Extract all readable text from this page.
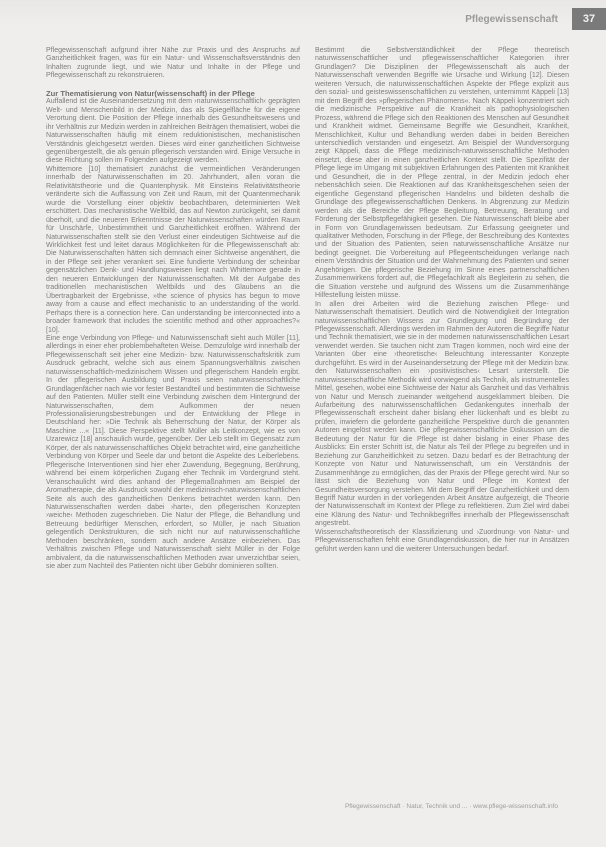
Pflegewissenschaft	37

Pflegewissenschaft aufgrund ihrer Nähe zur Praxis und des Anspruchs auf Ganzheitlichkeit fragen, was für ein Natur- und Wissenschaftsverständnis den Inhalten zugrunde liegt, und wie Natur und Inhalte in der Pflege und Pflegewissenschaft zu rekonstruieren.

Zur Thematisierung von Natur(wissenschaft) in der Pflege

Auffallend ist die Auseinandersetzung mit dem ›naturwissenschaftlich‹ geprägten Welt- und Menschenbild in der Medizin, das als Spiegelfläche für die eigene Verortung dient. Die Position der Pflege innerhalb des Gesundheitswesens und ihr Verhältnis zur Medizin werden in zahlreichen Beiträgen thematisiert, wobei die Naturwissenschaften häufig mit einem reduktionistischen, mechanistischen Verständnis gleichgesetzt werden. Dieses wird einer ganzheitlichen Sichtweise gegenübergestellt, die als genuin pflegerisch verstanden wird. Einige Versuche in diese Richtung sollen im Folgenden aufgezeigt werden.

Whittemore [10] thematisiert zunächst die vermeintlichen Veränderungen innerhalb der Naturwissenschaften im 20. Jahrhundert, allen voran die Relativitätstheorie und die Quantenphysik. Mit Einsteins Relativitätstheorie veränderte sich die Auffassung von Zeit und Raum, mit der Quantenmechanik wurde die Vorstellung einer objektiv beobachtbaren, determinierten Welt erschüttert. Das mechanistische Weltbild, das auf Newton zurückgeht, sei damit überholt, und die neueren Erkenntnisse der Naturwissenschaften würden Raum für Unschärfe, Unbestimmtheit und Ganzheitlichkeit eröffnen. Während der Naturwissenschaften stellt sie den Verlust einer eindeutigen Sichtweise auf die Wirklichkeit fest und leitet daraus Möglichkeiten für die Pflegewissenschaft ab: Die Naturwissenschaften hätten sich demnach einer Sichtweise angenähert, die in der Pflege seit jeher verankert sei. Eine fundierte Verbindung der scheinbar gegensätzlichen Denk- und Handlungsweisen liegt nach Whittemore gerade in den neueren Entwicklungen der Naturwissenschaften. Mit der Aufgabe des traditionellen mechanistischen Weltbilds und des Glaubens an die Übertragbarkeit der Ergebnisse, »the science of physics has begun to move away from a cause and effect mechanistic to an understanding of the world. Perhaps there is a connection here. Can understanding be interconnected into a broader framework that includes the scientific method and other approaches?« [10].

Eine enge Verbindung von Pflege- und Naturwissenschaft sieht auch Müller [11], allerdings in einer eher problembehafteten Weise. Demzufolge wird innerhalb der Pflegewissenschaft seit jeher eine Medizin- bzw. Naturwissenschaftskritik zum Ausdruck gebracht, welche sich aus einem Spannungsverhältnis zwischen naturwissenschaftlich-medizinischem Wissen und pflegerischem Handeln ergibt. In der pflegerischen Ausbildung und Praxis seien naturwissenschaftliche Grundlagenfächer nach wie vor fester Bestandteil und bestimmten die Sichtweise auf den Patienten. Müller stellt eine Verbindung zwischen dem Hintergrund der Naturwissenschaften, dem Aufkommen der neuen Professionalisierungsbestrebungen und der Entwicklung der Pflege in Deutschland her: »Die Technik als Beherrschung der Natur, der Körper als Maschine ...« [11]. Diese Perspektive stellt Müller als Leitkonzept, wie es von Uzarewicz [18] anschaulich wurde, gegenüber. Der Leib stellt im Gegensatz zum Körper, der als naturwissenschaftliches Objekt betrachtet wird, eine ganzheitliche Verbindung von Körper und Seele dar und betont die Aspekte des Leiberlebens. Pflegerische Interventionen sind hier eher Zuwendung, Begegnung, Berührung, während bei einem körperlichen Zugang eher Technik im Vordergrund steht. Veranschaulicht wird dies anhand der Pflegemaßnahmen am Beispiel der Aromatherapie, die als Ausdruck sowohl der medizinisch-naturwissenschaftlichen Seite als auch des ganzheitlichen Denkens betrachtet werden kann. Den Naturwissenschaften werden dabei ›harte‹, den pflegerischen Konzepten ›weiche‹ Methoden zugeschrieben. Die Natur der Pflege, die Behandlung und Betreuung bedürftiger Menschen, erfordert, so Müller, je nach Situation gelegentlich Denkstrukturen, die sich nicht nur auf naturwissenschaftliche Methoden beschränken, sondern auch andere Ansätze einbeziehen. Das Verhältnis zwischen Pflege und Naturwissenschaft sieht Müller in der Folge ambivalent, da die naturwissenschaftlichen Methoden zwar unverzichtbar seien, sie aber zum Nachteil des Patienten nicht über Gebühr dominieren sollten.

Bestimmt die Selbstverständlichkeit der Pflege theoretisch naturwissenschaftlicher und pflegewissenschaftlicher Kategorien ihrer Grundlagen? Die Disziplinen der Pflegewissenschaft als auch der Naturwissenschaft verwenden Begriffe wie Ursache und Wirkung [12]. Diesen weiteren Versuch, die naturwissenschaftlichen Aspekte der Pflege explizit aus den sozial- und geisteswissenschaftlichen zu verstehen, unternimmt Käppeli [13] mit dem Begriff des »pflegerischen Phänomens«. Nach Käppeli konzentriert sich die medizinische Perspektive auf die Krankheit als pathophysiologischen Prozess, während die Pflege sich den Reaktionen des Menschen auf Gesundheit und Krankheit widmet. Gemeinsame Begriffe wie Gesundheit, Krankheit, Menschlichkeit, Kultur und Behandlung werden dabei in beiden Bereichen unterschiedlich verstanden und eingesetzt. Am Beispiel der Wundversorgung zeigt Käppeli, dass die Pflege medizinisch-naturwissenschaftliche Methoden einsetzt, diese aber in einen ganzheitlichen Kontext stellt. Die Spezifität der Pflege liege im Umgang mit subjektiven Erfahrungen des Patienten mit Krankheit und Gesundheit, die in der Pflege zentral, in der Medizin jedoch eher nebensächlich seien. Die Reaktionen auf das Krankheitsgeschehen seien der eigentliche Gegenstand pflegerischen Handelns und bildeten deshalb die Grundlage des pflegewissenschaftlichen Denkens. In Abgrenzung zur Medizin werden als die Bereiche der Pflege Begleitung, Betreuung, Beratung und Förderung der Selbstpflegefähigkeit gesehen. Die Naturwissenschaft bleibe aber in Form von Grundlagenwissen bedeutsam. Zur Erfassung geeigneter und qualitativer Methoden, Forschung in der Pflege, der Beschreibung des Kontextes und der Situation des Patienten, seien naturwissenschaftliche Ansätze nur bedingt geeignet. Die Vorbereitung auf Pflegeentscheidungen verlange nach einem Verständnis der Situation und der Wahrnehmung des Patienten und seiner Angehörigen. Die pflegerische Beziehung im Sinne eines partnerschaftlichen Zusammenwirkens fordert auf, die Pflegefachkraft als Begleiterin zu sehen, die die Situation verstehe und aufgrund des Wissens um die Zusammenhänge Hilfestellung leisten müsse.

In allen drei Arbeiten wird die Beziehung zwischen Pflege- und Naturwissenschaft thematisiert. Deutlich wird die Notwendigkeit der Integration naturwissenschaftlichen Wissens zur Grundlegung und Begründung der Pflegewissenschaft. Allerdings werden im Rahmen der Autoren die Begriffe Natur und Technik thematisiert, wie sie in der modernen naturwissenschaftlichen Lesart verwendet werden. Sie tauchen nicht zum Tragen kommen, noch wird eine der Varianten über eine ›theoretische‹ Beleuchtung interessanter Konzepte durchgeführt. Es wird in der Auseinandersetzung der Pflege mit der Medizin bzw. den Naturwissenschaften ein ›positivistisches‹ Lesart unterstellt. Die naturwissenschaftliche Methodik wird vorwiegend als Technik, als instrumentelles Mittel, gesehen, wobei eine Sichtweise der Natur als Ganzheit und das Verhältnis von Natur und Mensch zueinander weitgehend ausgeklammert bleiben. Die Aufarbeitung des naturwissenschaftlichen Gedankengutes innerhalb der Pflegewissenschaft erscheint daher bislang eher lückenhaft und es bleibt zu prüfen, inwiefern die geforderte ganzheitliche Perspektive durch die genannten Autoren eingelöst werden kann. Die pflegewissenschaftliche Diskussion um die Bedeutung der Natur für die Pflege ist daher bislang in einer Phase des Ausblicks: Ein erster Schritt ist, die Natur als Teil der Pflege zu begreifen und in Beziehung zur Ganzheitlichkeit zu setzen. Dazu bedarf es der Betrachtung der Konzepte von Natur und Naturwissenschaft, um ein Verständnis der Zusammenhänge zu ermöglichen, das der Praxis der Pflege gerecht wird. Nur so lässt sich die Beziehung von Natur und Pflege im Kontext der Gesundheitsversorgung verstehen. Mit dem Begriff der Ganzheitlichkeit und dem Begriff Natur wurden in der vorliegenden Arbeit Ansätze aufgezeigt, die Theorie der Naturwissenschaft im Kontext der Pflege zu reflektieren. Zum Ziel wird dabei eine Klärung des Natur- und Technikbegriffes innerhalb der Pflegewissenschaft angestrebt.

Wissenschaftstheoretisch der Klassifizierung und ›Zuordnung‹ von Natur- und Pflegewissenschaften fehlt eine Grundlagendiskussion, die hier nur in Ansätzen geführt werden kann und die weiterer Untersuchungen bedarf.

Pflegewissenschaft · Natur, Technik und ... · www.pflege-wissenschaft.info
